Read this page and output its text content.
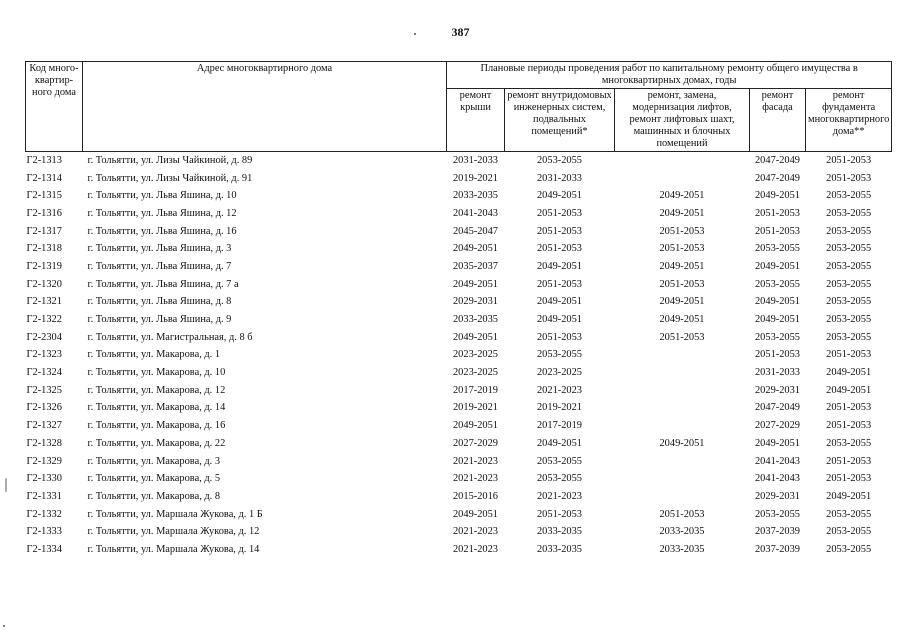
387
Код много-квартир-ного дома	Адрес многоквартирного дома	Плановые периоды проведения работ по капитальному ремонту общего имущества в многоквартирных домах, годы				
		ремонт крыши	ремонт внутридомовых инженерных систем, подвальных помещений*	ремонт, замена, модернизация лифтов, ремонт лифтовых шахт, машинных и блочных помещений	ремонт фасада	ремонт фундамента многоквартирного дома**
Г2-1313	г. Тольятти, ул. Лизы Чайкиной, д. 89	2031-2033	2053-2055		2047-2049	2051-2053
Г2-1314	г. Тольятти, ул. Лизы Чайкиной, д. 91	2019-2021	2031-2033		2047-2049	2051-2053
Г2-1315	г. Тольятти, ул. Льва Яшина, д. 10	2033-2035	2049-2051	2049-2051	2049-2051	2053-2055
Г2-1316	г. Тольятти, ул. Льва Яшина, д. 12	2041-2043	2051-2053	2049-2051	2051-2053	2053-2055
Г2-1317	г. Тольятти, ул. Льва Яшина, д. 16	2045-2047	2051-2053	2051-2053	2051-2053	2053-2055
Г2-1318	г. Тольятти, ул. Льва Яшина, д. 3	2049-2051	2051-2053	2051-2053	2053-2055	2053-2055
Г2-1319	г. Тольятти, ул. Льва Яшина, д. 7	2035-2037	2049-2051	2049-2051	2049-2051	2053-2055
Г2-1320	г. Тольятти, ул. Льва Яшина, д. 7 а	2049-2051	2051-2053	2051-2053	2053-2055	2053-2055
Г2-1321	г. Тольятти, ул. Льва Яшина, д. 8	2029-2031	2049-2051	2049-2051	2049-2051	2053-2055
Г2-1322	г. Тольятти, ул. Льва Яшина, д. 9	2033-2035	2049-2051	2049-2051	2049-2051	2053-2055
Г2-2304	г. Тольятти, ул. Магистральная, д. 8 б	2049-2051	2051-2053	2051-2053	2053-2055	2053-2055
Г2-1323	г. Тольятти, ул. Макарова, д. 1	2023-2025	2053-2055		2051-2053	2051-2053
Г2-1324	г. Тольятти, ул. Макарова, д. 10	2023-2025	2023-2025		2031-2033	2049-2051
Г2-1325	г. Тольятти, ул. Макарова, д. 12	2017-2019	2021-2023		2029-2031	2049-2051
Г2-1326	г. Тольятти, ул. Макарова, д. 14	2019-2021	2019-2021		2047-2049	2051-2053
Г2-1327	г. Тольятти, ул. Макарова, д. 16	2049-2051	2017-2019		2027-2029	2051-2053
Г2-1328	г. Тольятти, ул. Макарова, д. 22	2027-2029	2049-2051	2049-2051	2049-2051	2053-2055
Г2-1329	г. Тольятти, ул. Макарова, д. 3	2021-2023	2053-2055		2041-2043	2051-2053
Г2-1330	г. Тольятти, ул. Макарова, д. 5	2021-2023	2053-2055		2041-2043	2051-2053
Г2-1331	г. Тольятти, ул. Макарова, д. 8	2015-2016	2021-2023		2029-2031	2049-2051
Г2-1332	г. Тольятти, ул. Маршала Жукова, д. 1 Б	2049-2051	2051-2053	2051-2053	2053-2055	2053-2055
Г2-1333	г. Тольятти, ул. Маршала Жукова, д. 12	2021-2023	2033-2035	2033-2035	2037-2039	2053-2055
Г2-1334	г. Тольятти, ул. Маршала Жукова, д. 14	2021-2023	2033-2035	2033-2035	2037-2039	2053-2055
